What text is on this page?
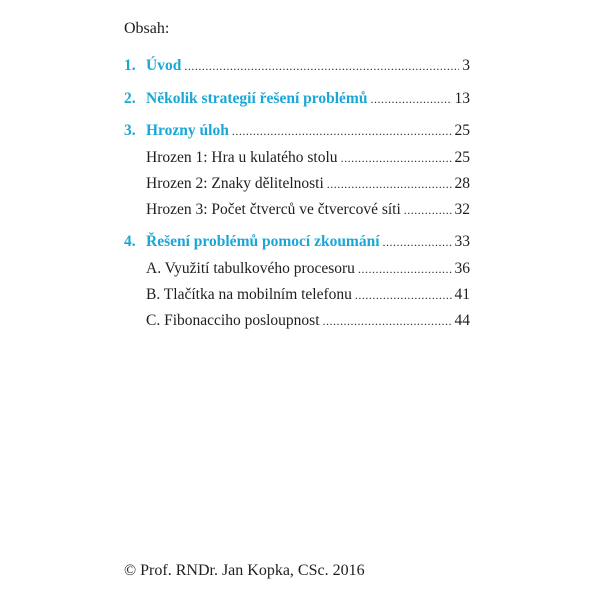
Obsah:
1. Úvod .....	3
2. Několik strategií řešení problémů .....	13
3. Hrozny úloh .....	25
Hrozen 1: Hra u kulatého stolu .....	25
Hrozen 2: Znaky dělitelnosti .....	28
Hrozen 3: Počet čtverců ve čtvercové síti .....	32
4. Řešení problémů pomocí zkoumání .....	33
A. Využití tabulkového procesoru .....	36
B. Tlačítka na mobilním telefonu .....	41
C. Fibonacciho posloupnost .....	44
© Prof. RNDr. Jan Kopka, CSc. 2016
